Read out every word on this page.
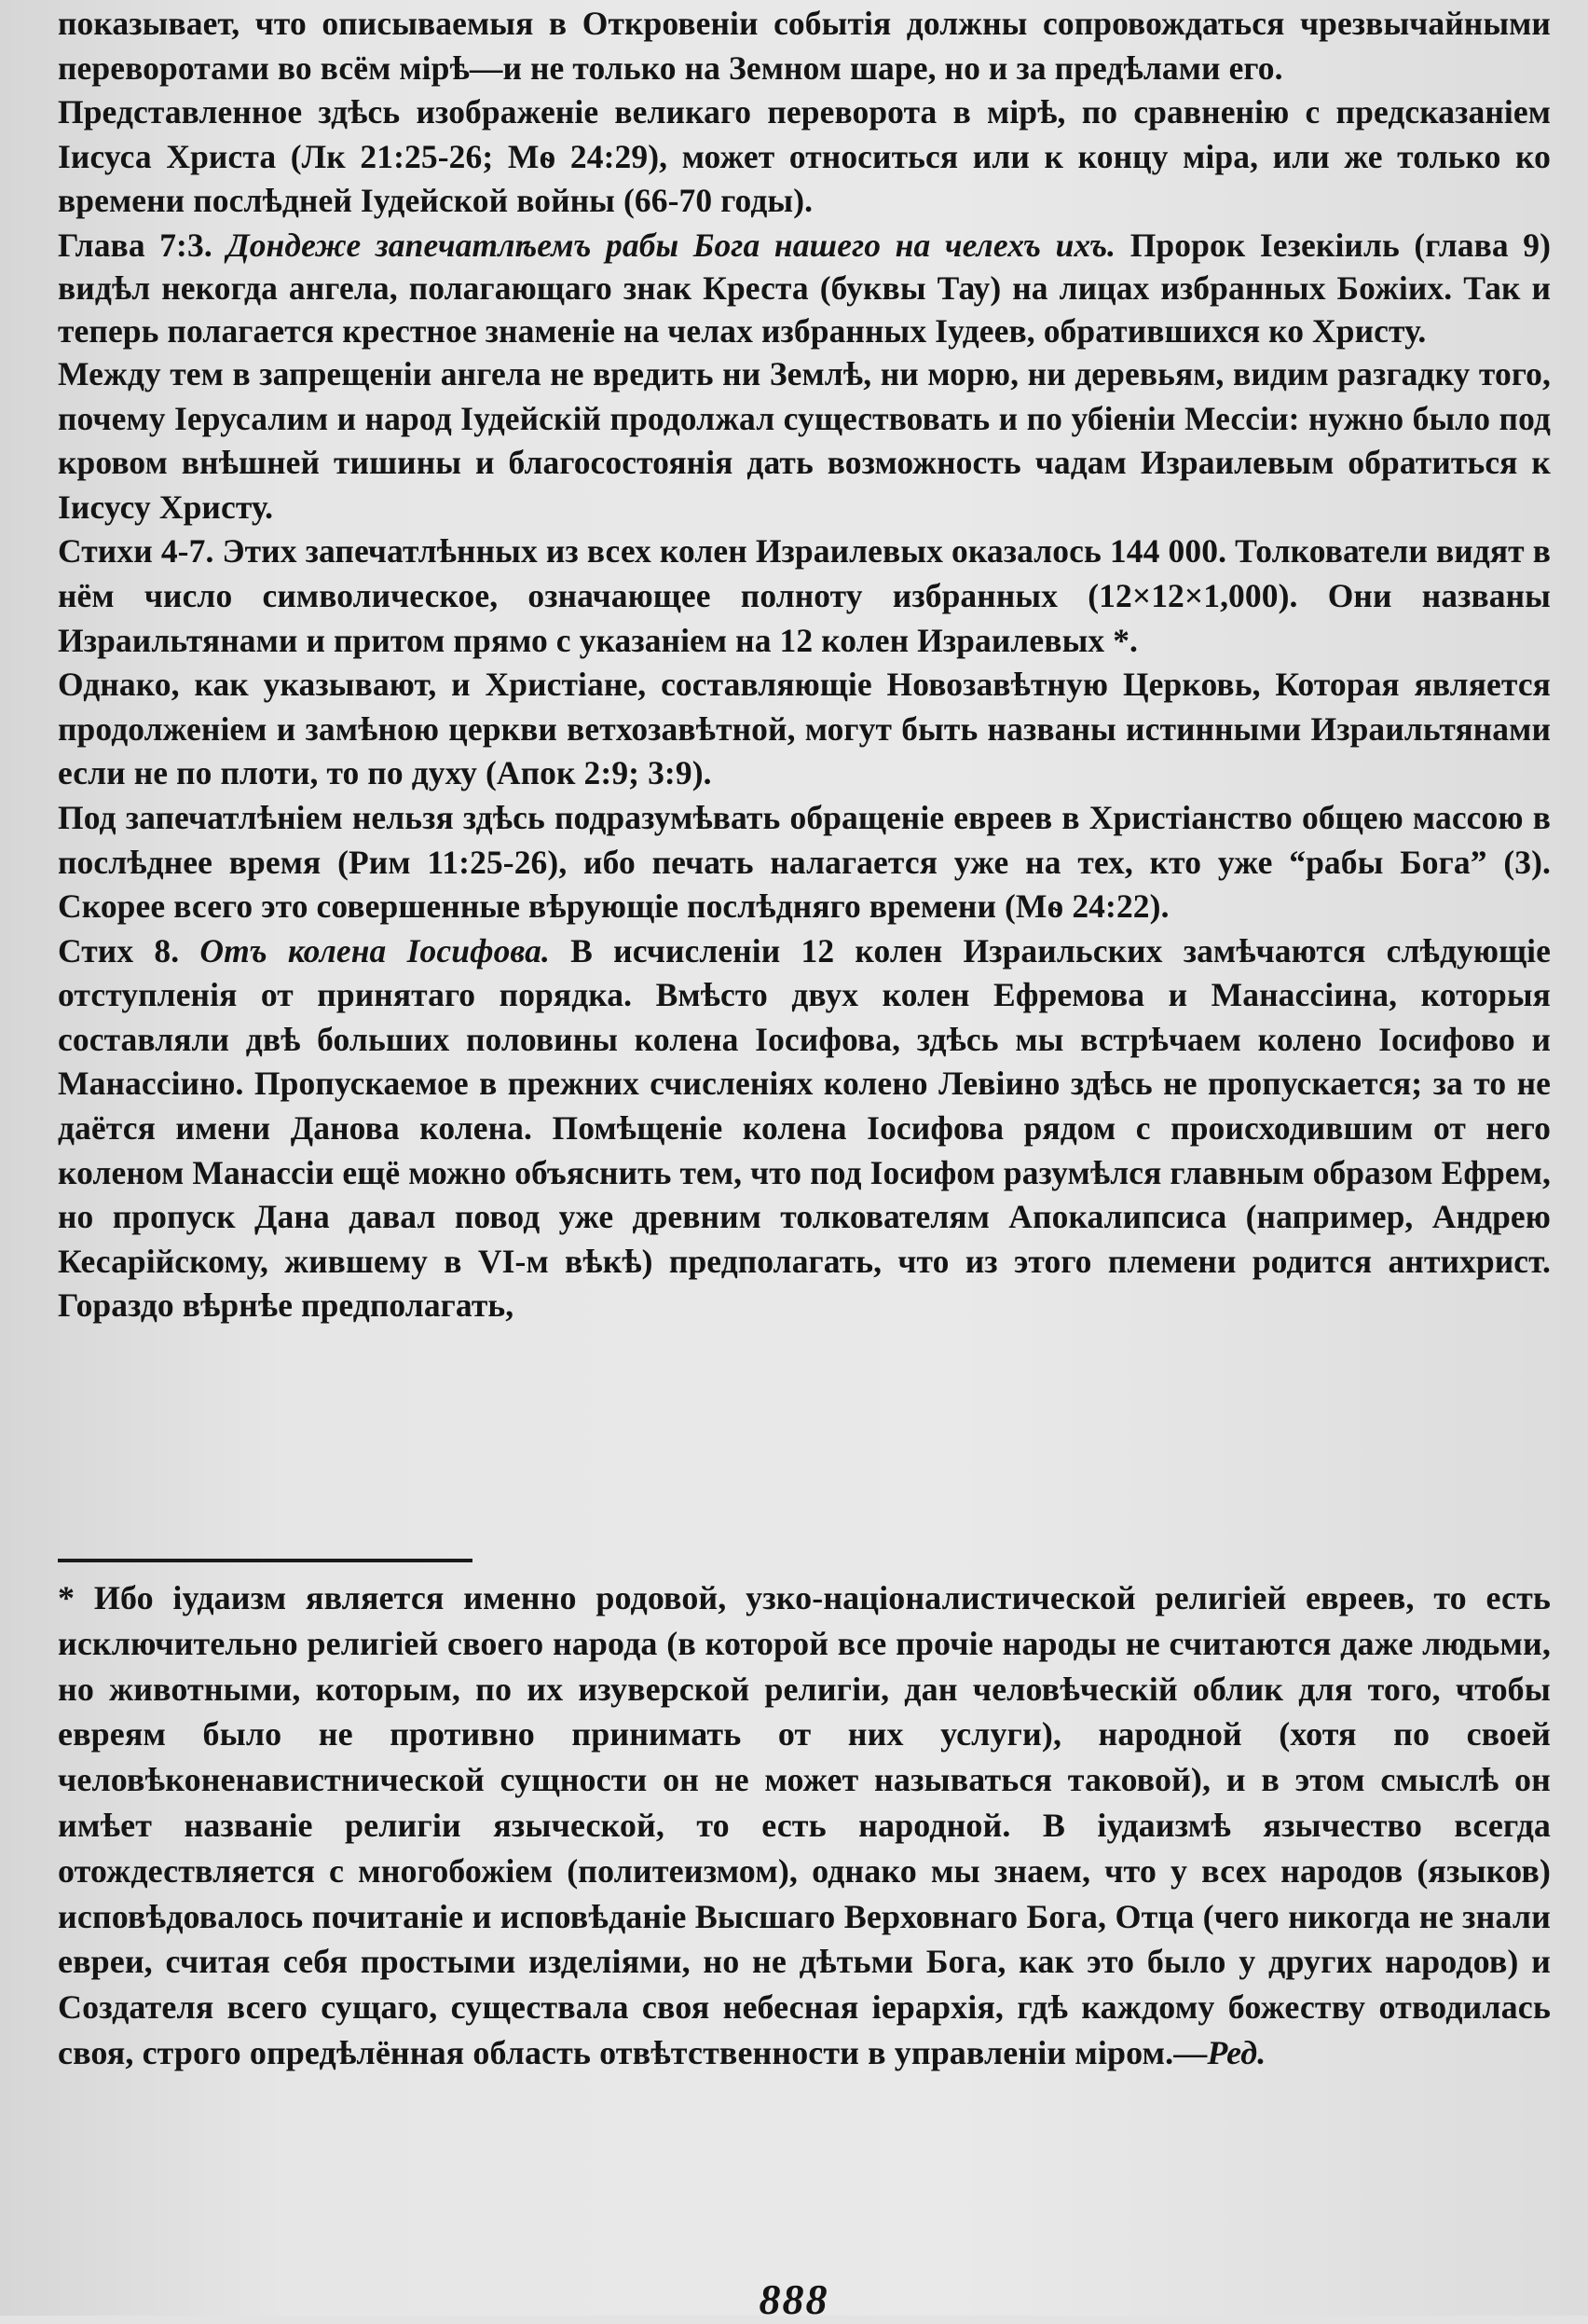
показывает, что описываемыя в Откровеніи событія должны сопровождаться чрезвычайными переворотами во всём мірѣ—и не только на Земном шаре, но и за предѣлами его.

Представленное здѣсь изображеніе великаго переворота в мірѣ, по сравненію с предсказаніем Іисуса Христа (Лк 21:25-26; Мѳ 24:29), может относиться или к концу міра, или же только ко времени послѣдней Іудейской войны (66-70 годы).

Глава 7:3. Дондеже запечатлѣемъ рабы Бога нашего на челехъ ихъ. Пророк Іезекіиль (глава 9) видѣл некогда ангела, полагающаго знак Креста (буквы Тау) на лицах избранных Божіих. Так и теперь полагается крестное знаменіе на челах избранных Іудеев, обратившихся ко Христу.

Между тем в запрещеніи ангела не вредить ни Землѣ, ни морю, ни деревьям, видим разгадку того, почему Іерусалим и народ Іудейскій продолжал существовать и по убіеніи Мессіи: нужно было под кровом внѣшней тишины и благосостоянія дать возможность чадам Израилевым обратиться к Іисусу Христу.

Стихи 4-7. Этих запечатлѣнных из всех колен Израилевых оказалось 144 000. Толкователи видят в нём число символическое, означающее полноту избранных (12×12×1,000). Они названы Израильтянами и притом прямо с указаніем на 12 колен Израилевых *.

Однако, как указывают, и Христіане, составляющіе Новозавѣтную Церковь, Которая является продолженіем и замѣною церкви ветхозавѣтной, могут быть названы истинными Израильтянами если не по плоти, то по духу (Апок 2:9; 3:9).

Под запечатлѣніем нельзя здѣсь подразумѣвать обращеніе евреев в Христіанство общею массою в послѣднее время (Рим 11:25-26), ибо печать налагается уже на тех, кто уже “рабы Бога” (3). Скорее всего это совершенные вѣрующіе послѣдняго времени (Мѳ 24:22).

Стих 8. Отъ колена Іосифова. В исчисленіи 12 колен Израильских замѣчаются слѣдующіе отступленія от принятаго порядка. Вмѣсто двух колен Ефремова и Манассіина, которыя составляли двѣ больших половины колена Іосифова, здѣсь мы встрѣчаем колено Іосифово и Манассіино. Пропускаемое в прежних счисленіях колено Левіино здѣсь не пропускается; за то не даётся имени Данова колена. Помѣщеніе колена Іосифова рядом с происходившим от него коленом Манассіи ещё можно объяснить тем, что под Іосифом разумѣлся главным образом Ефрем, но пропуск Дана давал повод уже древним толкователям Апокалипсиса (например, Андрею Кесарійскому, жившему в VI-м вѣкѣ) предполагать, что из этого племени родится антихрист. Гораздо вѣрнѣе предполагать,

* Ибо іудаизм является именно родовой, узко-націоналистической религіей евреев, то есть исключительно религіей своего народа (в которой все прочіе народы не считаются даже людьми, но животными, которым, по их изуверской религіи, дан человѣческій облик для того, чтобы евреям было не противно принимать от них услуги), народной (хотя по своей человѣконенавистнической сущности он не может называться таковой), и в этом смыслѣ он имѣет названіе религіи языческой, то есть народной. В іудаизмѣ язычество всегда отождествляется с многобожіем (политеизмом), однако мы знаем, что у всех народов (языков) исповѣдовалось почитаніе и исповѣданіе Высшаго Верховнаго Бога, Отца (чего никогда не знали евреи, считая себя простыми изделіями, но не дѣтьми Бога, как это было у других народов) и Создателя всего сущаго, существала своя небесная іерархія, гдѣ каждому божеству отводилась своя, строго опредѣлённая область отвѣтственности в управленіи міром.—Ред.

888
